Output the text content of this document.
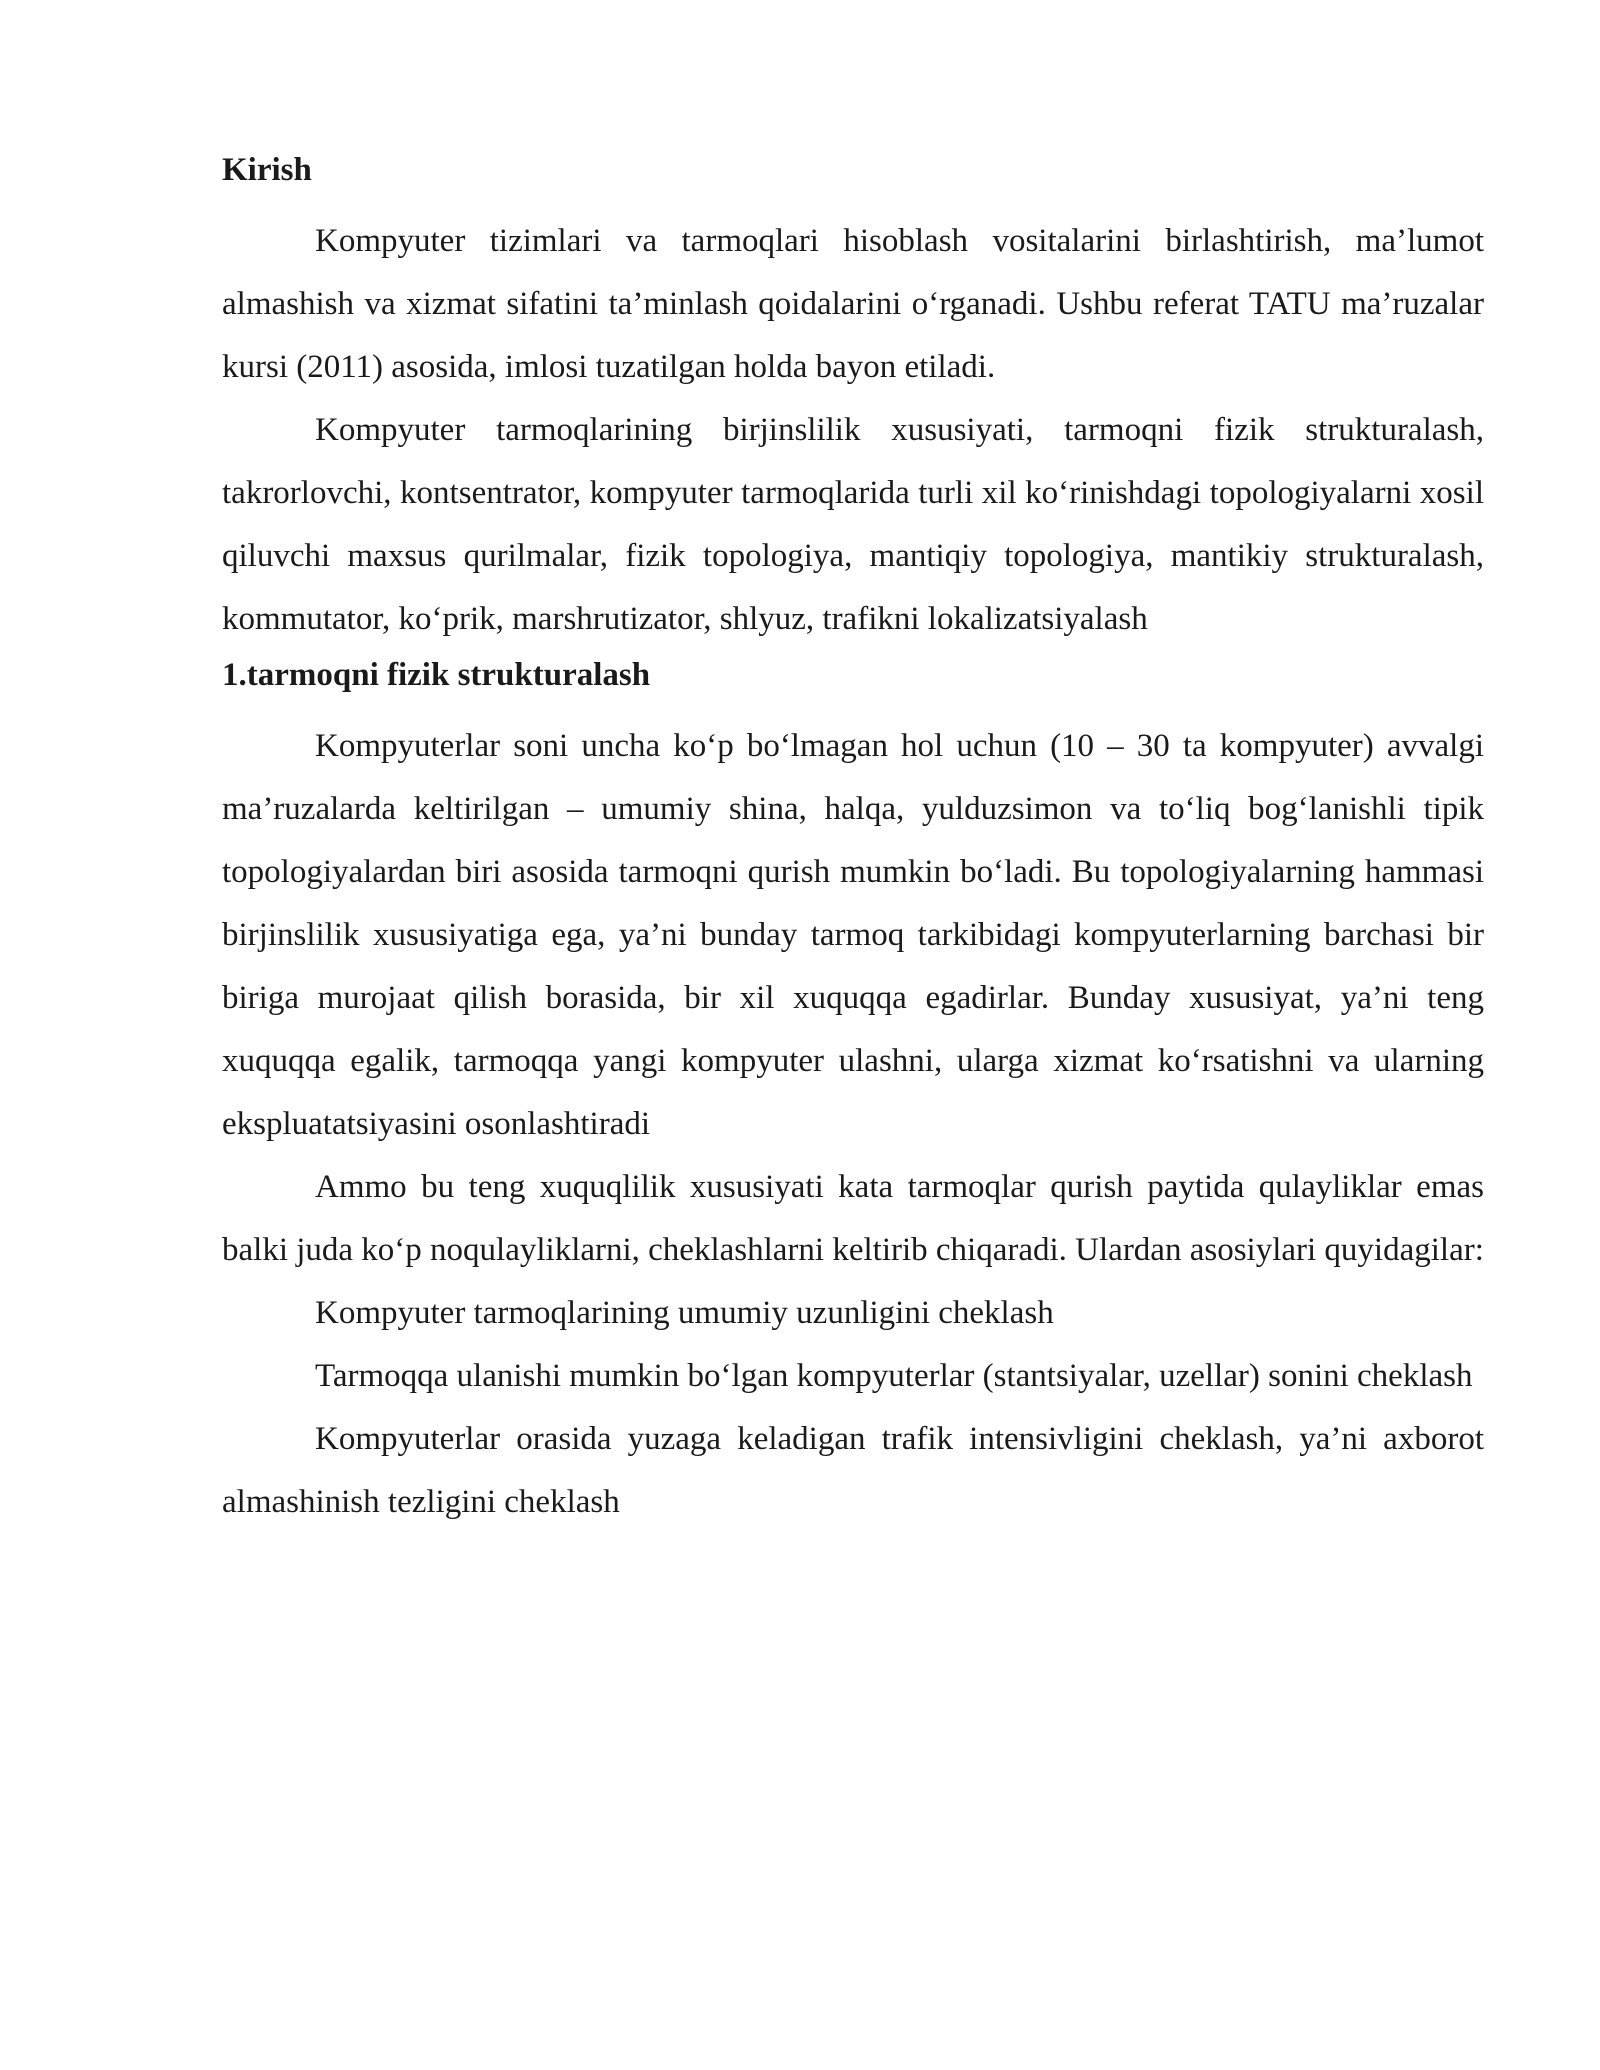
Kirish

Kompyuter tizimlari va tarmoqlari hisoblash vositalarini birlashtirish, ma’lumot almashish va xizmat sifatini ta’minlash qoidalarini oʻrganadi. Ushbu referat TATU ma’ruzalar kursi (2011) asosida, imlosi tuzatilgan holda bayon etiladi.

Kompyuter tarmoqlarining birjinslilik xususiyati, tarmoqni fizik strukturalash, takrorlovchi, kontsentrator, kompyuter tarmoqlarida turli xil koʻrinishdagi topologiyalarni xosil qiluvchi maxsus qurilmalar, fizik topologiya, mantiqiy topologiya, mantikiy strukturalash, kommutator, koʻprik, marshrutizator, shlyuz, trafikni lokalizatsiyalash

1.tarmoqni fizik strukturalash

Kompyuterlar soni uncha koʻp boʻlmagan hol uchun (10 – 30 ta kompyuter) avvalgi ma’ruzalarda keltirilgan – umumiy shina, halqa, yulduzsimon va toʻliq bogʻlanishli tipik topologiyalardan biri asosida tarmoqni qurish mumkin boʻladi. Bu topologiyalarning hammasi birjinslilik xususiyatiga ega, ya’ni bunday tarmoq tarkibidagi kompyuterlarning barchasi bir biriga murojaat qilish borasida, bir xil xuquqqa egadirlar. Bunday xususiyat, ya’ni teng xuquqqa egalik, tarmoqqa yangi kompyuter ulashni, ularga xizmat koʻrsatishni va ularning ekspluatatsiyasini osonlashtiradi

Ammo bu teng xuquqlilik xususiyati kata tarmoqlar qurish paytida qulayliklar emas balki juda koʻp noqulayliklarni, cheklashlarni keltirib chiqaradi. Ulardan asosiylari quyidagilar:

Kompyuter tarmoqlarining umumiy uzunligini cheklash

Tarmoqqa ulanishi mumkin boʻlgan kompyuterlar (stantsiyalar, uzellar) sonini cheklash

Kompyuterlar orasida yuzaga keladigan trafik intensivligini cheklash, ya’ni axborot almashinish tezligini cheklash
